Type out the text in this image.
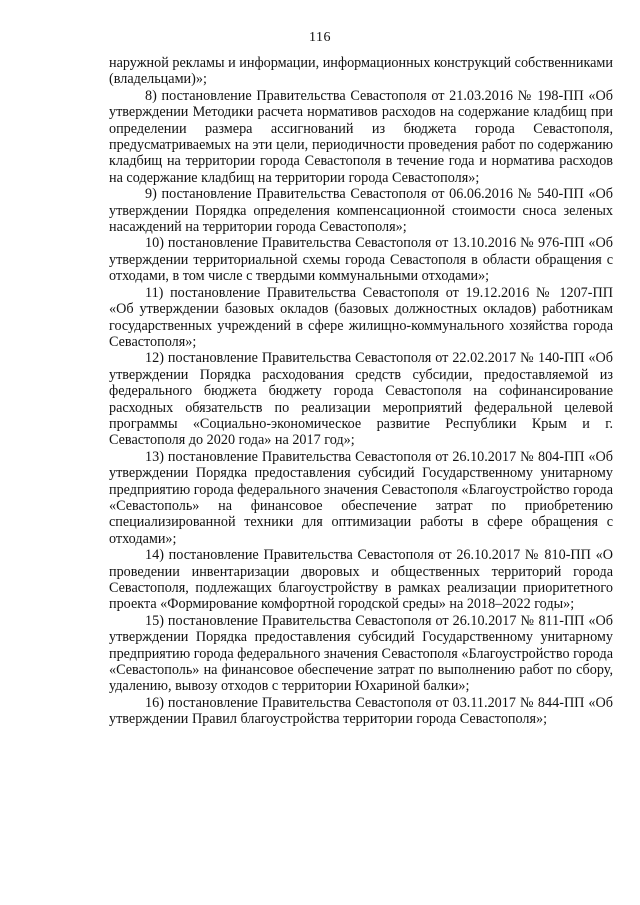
116

наружной рекламы и информации, информационных конструкций собственниками (владельцами)»;

8) постановление Правительства Севастополя от 21.03.2016 № 198-ПП «Об утверждении Методики расчета нормативов расходов на содержание кладбищ при определении размера ассигнований из бюджета города Севастополя, предусматриваемых на эти цели, периодичности проведения работ по содержанию кладбищ на территории города Севастополя в течение года и норматива расходов на содержание кладбищ на территории города Севастополя»;

9) постановление Правительства Севастополя от 06.06.2016 № 540-ПП «Об утверждении Порядка определения компенсационной стоимости сноса зеленых насаждений на территории города Севастополя»;

10) постановление Правительства Севастополя от 13.10.2016 № 976-ПП «Об утверждении территориальной схемы города Севастополя в области обращения с отходами, в том числе с твердыми коммунальными отходами»;

11) постановление Правительства Севастополя от 19.12.2016 № 1207-ПП «Об утверждении базовых окладов (базовых должностных окладов) работникам государственных учреждений в сфере жилищно-коммунального хозяйства города Севастополя»;

12) постановление Правительства Севастополя от 22.02.2017 № 140-ПП «Об утверждении Порядка расходования средств субсидии, предоставляемой из федерального бюджета бюджету города Севастополя на софинансирование расходных обязательств по реализации мероприятий федеральной целевой программы «Социально-экономическое развитие Республики Крым и г. Севастополя до 2020 года» на 2017 год»;

13) постановление Правительства Севастополя от 26.10.2017 № 804-ПП «Об утверждении Порядка предоставления субсидий Государственному унитарному предприятию города федерального значения Севастополя «Благоустройство города «Севастополь» на финансовое обеспечение затрат по приобретению специализированной техники для оптимизации работы в сфере обращения с отходами»;

14) постановление Правительства Севастополя от 26.10.2017 № 810-ПП «О проведении инвентаризации дворовых и общественных территорий города Севастополя, подлежащих благоустройству в рамках реализации приоритетного проекта «Формирование комфортной городской среды» на 2018–2022 годы»;

15) постановление Правительства Севастополя от 26.10.2017 № 811-ПП «Об утверждении Порядка предоставления субсидий Государственному унитарному предприятию города федерального значения Севастополя «Благоустройство города «Севастополь» на финансовое обеспечение затрат по выполнению работ по сбору, удалению, вывозу отходов с территории Юхариной балки»;

16) постановление Правительства Севастополя от 03.11.2017 № 844-ПП «Об утверждении Правил благоустройства территории города Севастополя»;
